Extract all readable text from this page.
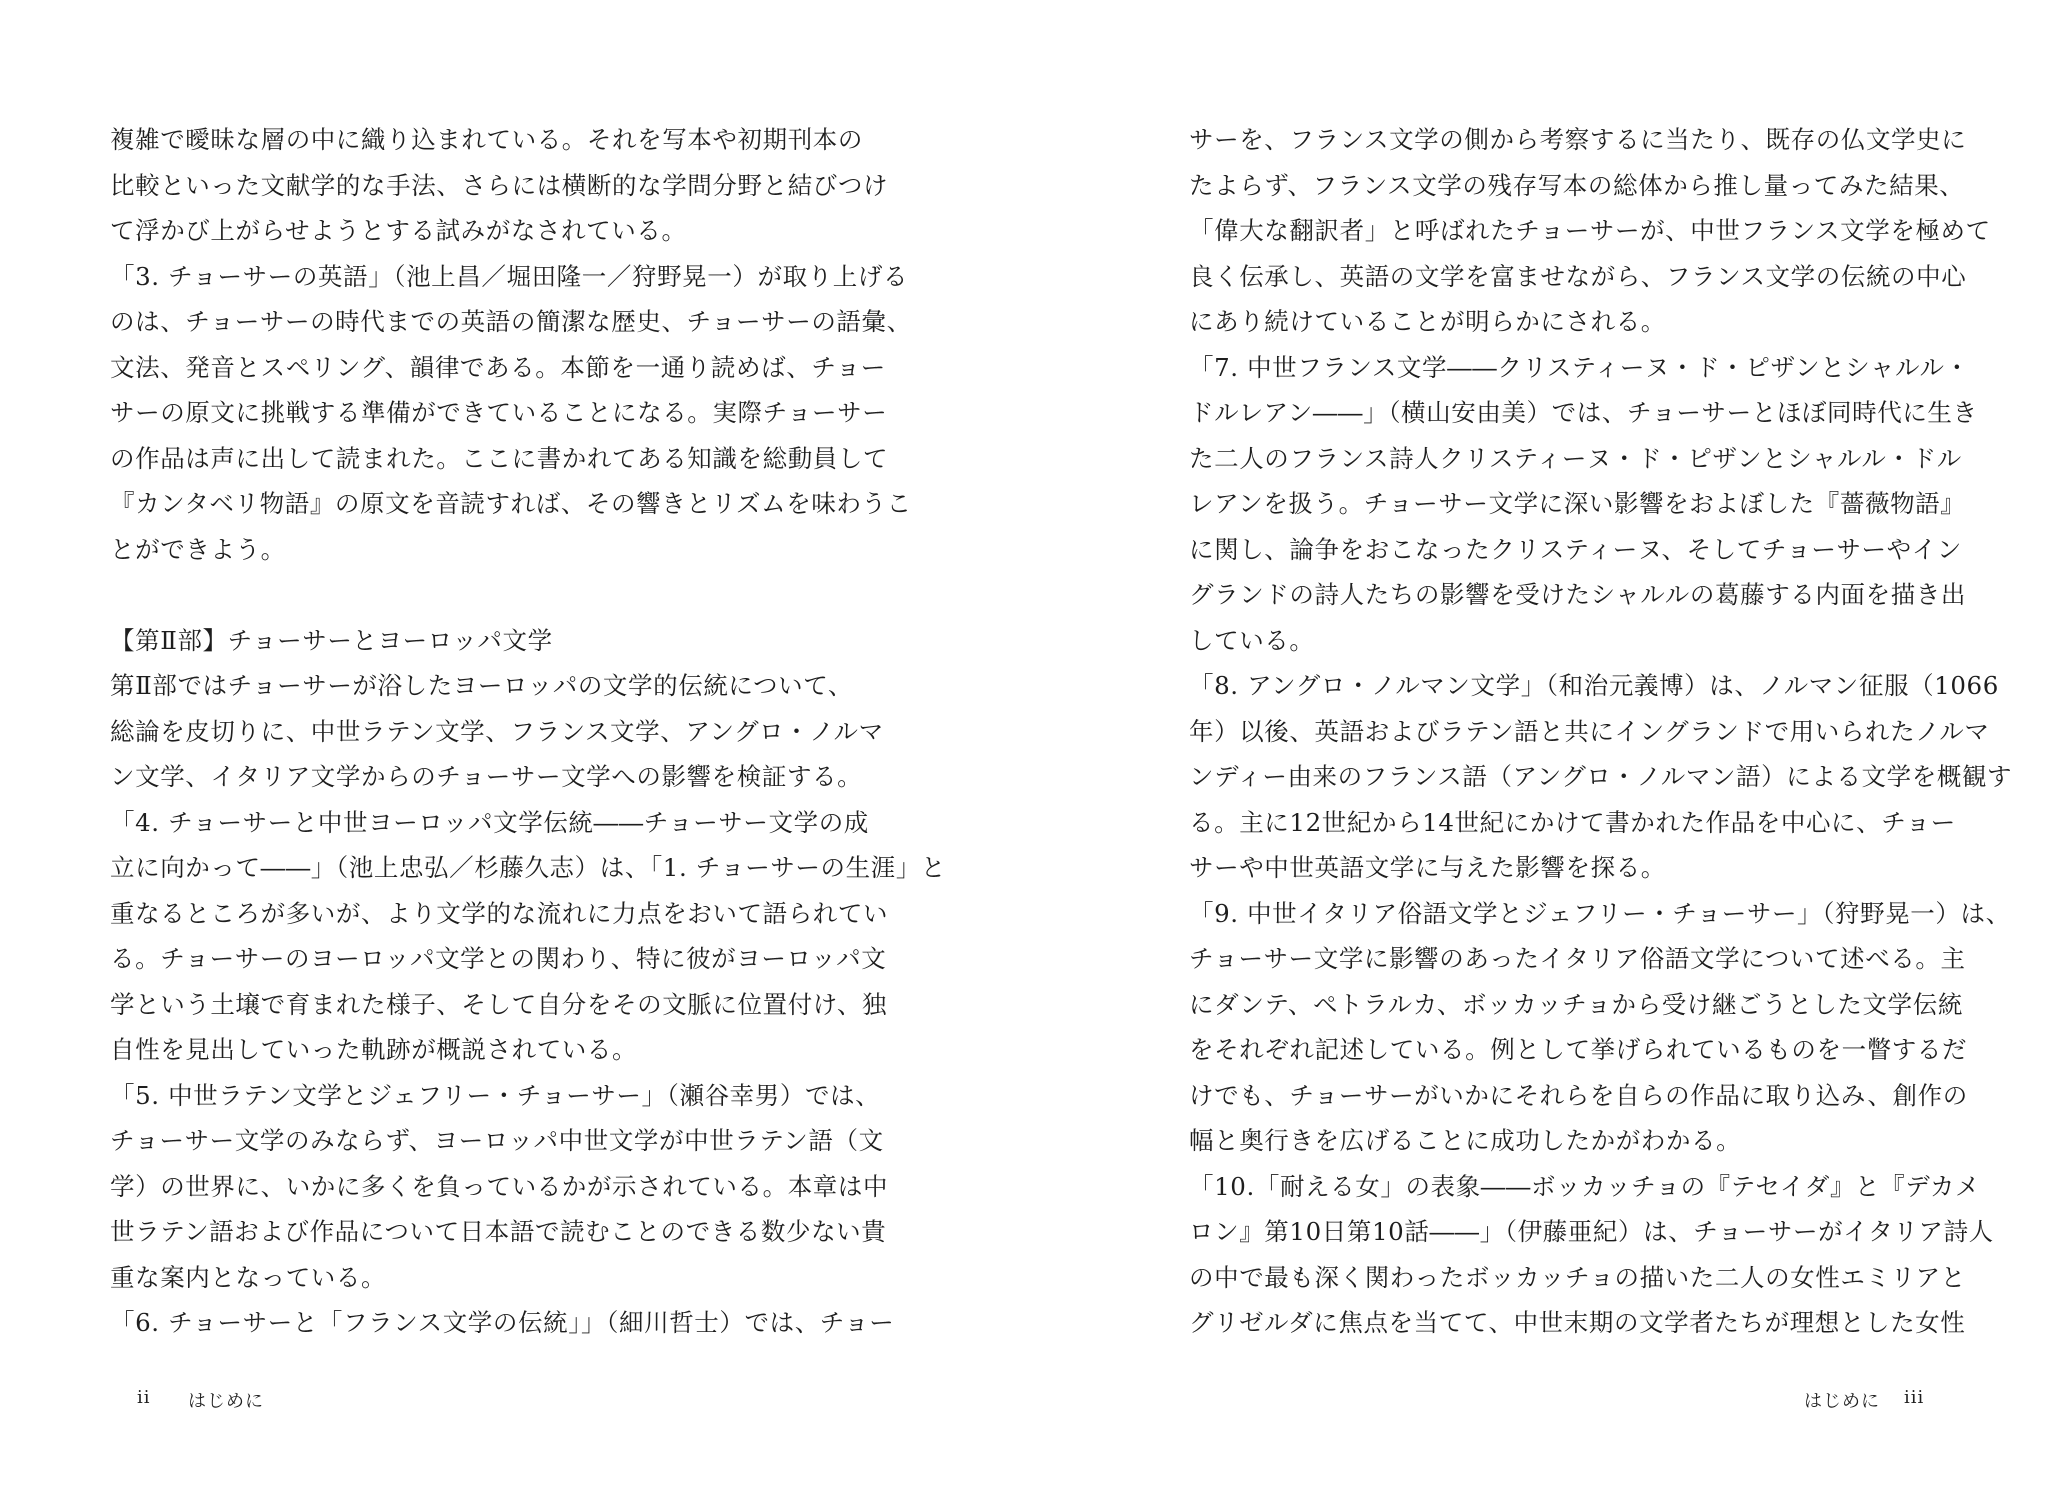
複雑で曖昧な層の中に織り込まれている。それを写本や初期刊本の
比較といった文献学的な手法、さらには横断的な学問分野と結びつけ
て浮かび上がらせようとする試みがなされている。
「3. チョーサーの英語」（池上昌／堀田隆一／狩野晃一）が取り上げる
のは、チョーサーの時代までの英語の簡潔な歴史、チョーサーの語彙、
文法、発音とスペリング、韻律である。本節を一通り読めば、チョー
サーの原文に挑戦する準備ができていることになる。実際チョーサー
の作品は声に出して読まれた。ここに書かれてある知識を総動員して
『カンタベリ物語』の原文を音読すれば、その響きとリズムを味わうこ
とができよう。
【第Ⅱ部】チョーサーとヨーロッパ文学
第Ⅱ部ではチョーサーが浴したヨーロッパの文学的伝統について、
総論を皮切りに、中世ラテン文学、フランス文学、アングロ・ノルマ
ン文学、イタリア文学からのチョーサー文学への影響を検証する。
「4. チョーサーと中世ヨーロッパ文学伝統――チョーサー文学の成
立に向かって――」（池上忠弘／杉藤久志）は、「1. チョーサーの生涯」と
重なるところが多いが、より文学的な流れに力点をおいて語られてい
る。チョーサーのヨーロッパ文学との関わり、特に彼がヨーロッパ文
学という土壌で育まれた様子、そして自分をその文脈に位置付け、独
自性を見出していった軌跡が概説されている。
「5. 中世ラテン文学とジェフリー・チョーサー」（瀬谷幸男）では、
チョーサー文学のみならず、ヨーロッパ中世文学が中世ラテン語（文
学）の世界に、いかに多くを負っているかが示されている。本章は中
世ラテン語および作品について日本語で読むことのできる数少ない貴
重な案内となっている。
「6. チョーサーと「フランス文学の伝統」」（細川哲士）では、チョー
ii はじめに
サーを、フランス文学の側から考察するに当たり、既存の仏文学史に
たよらず、フランス文学の残存写本の総体から推し量ってみた結果、
「偉大な翻訳者」と呼ばれたチョーサーが、中世フランス文学を極めて
良く伝承し、英語の文学を富ませながら、フランス文学の伝統の中心
にあり続けていることが明らかにされる。
「7. 中世フランス文学――クリスティーヌ・ド・ピザンとシャルル・
ドルレアン――」（横山安由美）では、チョーサーとほぼ同時代に生き
た二人のフランス詩人クリスティーヌ・ド・ピザンとシャルル・ドル
レアンを扱う。チョーサー文学に深い影響をおよぼした『薔薇物語』
に関し、論争をおこなったクリスティーヌ、そしてチョーサーやイン
グランドの詩人たちの影響を受けたシャルルの葛藤する内面を描き出
している。
「8. アングロ・ノルマン文学」（和治元義博）は、ノルマン征服（1066
年）以後、英語およびラテン語と共にイングランドで用いられたノルマ
ンディー由来のフランス語（アングロ・ノルマン語）による文学を概観す
る。主に12世紀から14世紀にかけて書かれた作品を中心に、チョー
サーや中世英語文学に与えた影響を探る。
「9. 中世イタリア俗語文学とジェフリー・チョーサー」（狩野晃一）は、
チョーサー文学に影響のあったイタリア俗語文学について述べる。主
にダンテ、ペトラルカ、ボッカッチョから受け継ごうとした文学伝統
をそれぞれ記述している。例として挙げられているものを一瞥するだ
けでも、チョーサーがいかにそれらを自らの作品に取り込み、創作の
幅と奥行きを広げることに成功したかがわかる。
「10.「耐える女」の表象――ボッカッチョの『テセイダ』と『デカメ
ロン』第10日第10話――」（伊藤亜紀）は、チョーサーがイタリア詩人
の中で最も深く関わったボッカッチョの描いた二人の女性エミリアと
グリゼルダに焦点を当てて、中世末期の文学者たちが理想とした女性
はじめに iii
